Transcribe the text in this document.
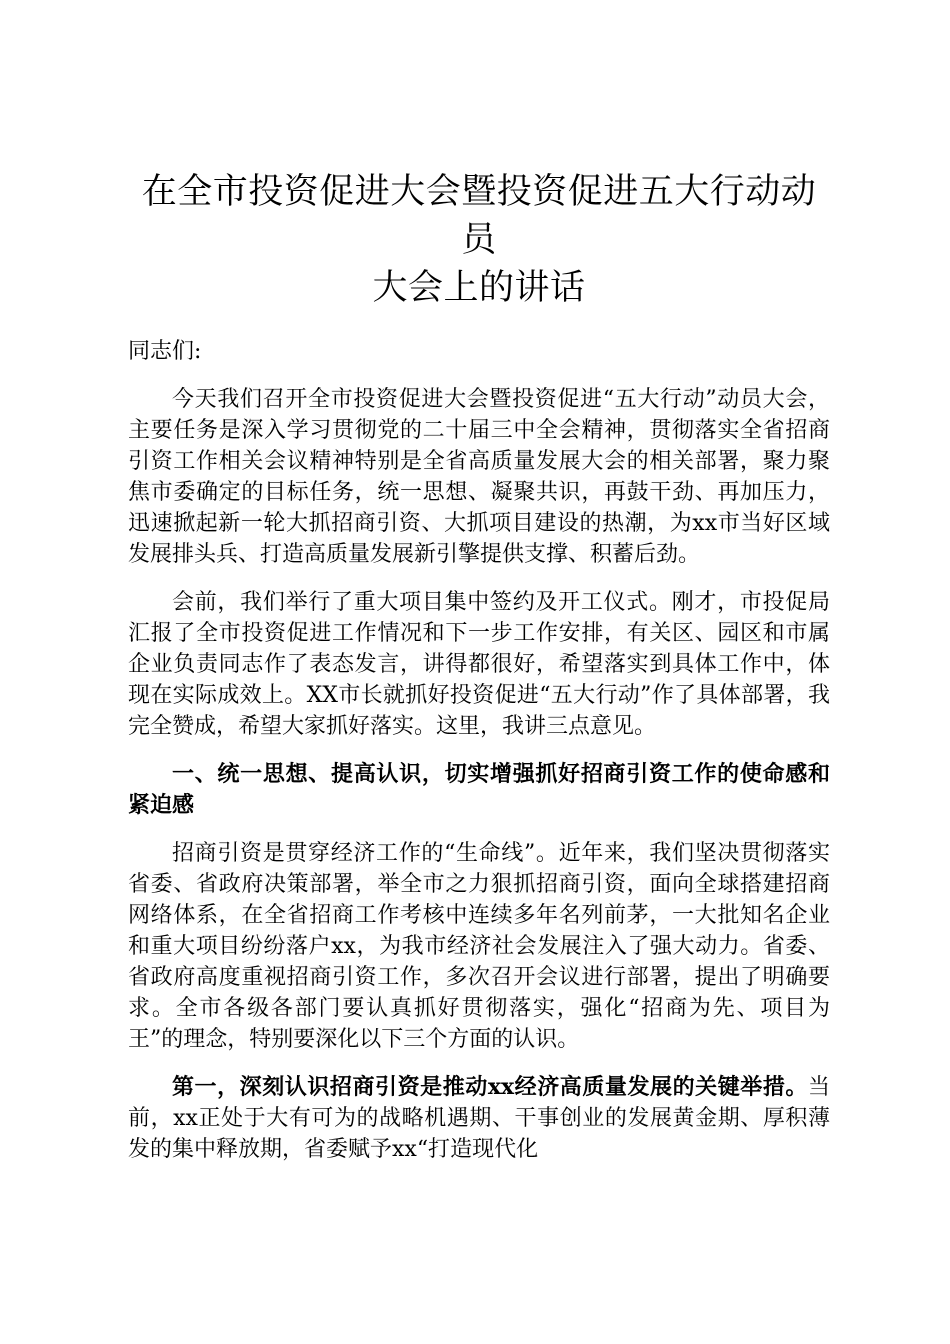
在全市投资促进大会暨投资促进五大行动动员
大会上的讲话

同志们:

今天我们召开全市投资促进大会暨投资促进“五大行动”动员大会，主要任务是深入学习贯彻党的二十届三中全会精神，贯彻落实全省招商引资工作相关会议精神特别是全省高质量发展大会的相关部署，聚力聚焦市委确定的目标任务，统一思想、凝聚共识，再鼓干劲、再加压力，迅速掀起新一轮大抓招商引资、大抓项目建设的热潮，为xx市当好区域发展排头兵、打造高质量发展新引擎提供支撑、积蓄后劲。

会前，我们举行了重大项目集中签约及开工仪式。刚才，市投促局汇报了全市投资促进工作情况和下一步工作安排，有关区、园区和市属企业负责同志作了表态发言，讲得都很好，希望落实到具体工作中，体现在实际成效上。XX市长就抓好投资促进“五大行动”作了具体部署，我完全赞成，希望大家抓好落实。这里，我讲三点意见。

一、统一思想、提高认识，切实增强抓好招商引资工作的使命感和紧迫感

招商引资是贯穿经济工作的“生命线”。近年来，我们坚决贯彻落实省委、省政府决策部署，举全市之力狠抓招商引资，面向全球搭建招商网络体系，在全省招商工作考核中连续多年名列前茅，一大批知名企业和重大项目纷纷落户xx，为我市经济社会发展注入了强大动力。省委、省政府高度重视招商引资工作，多次召开会议进行部署，提出了明确要求。全市各级各部门要认真抓好贯彻落实，强化“招商为先、项目为王”的理念，特别要深化以下三个方面的认识。

第一，深刻认识招商引资是推动xx经济高质量发展的关键举措。当前，xx正处于大有可为的战略机遇期、干事创业的发展黄金期、厚积薄发的集中释放期，省委赋予xx“打造现代化
